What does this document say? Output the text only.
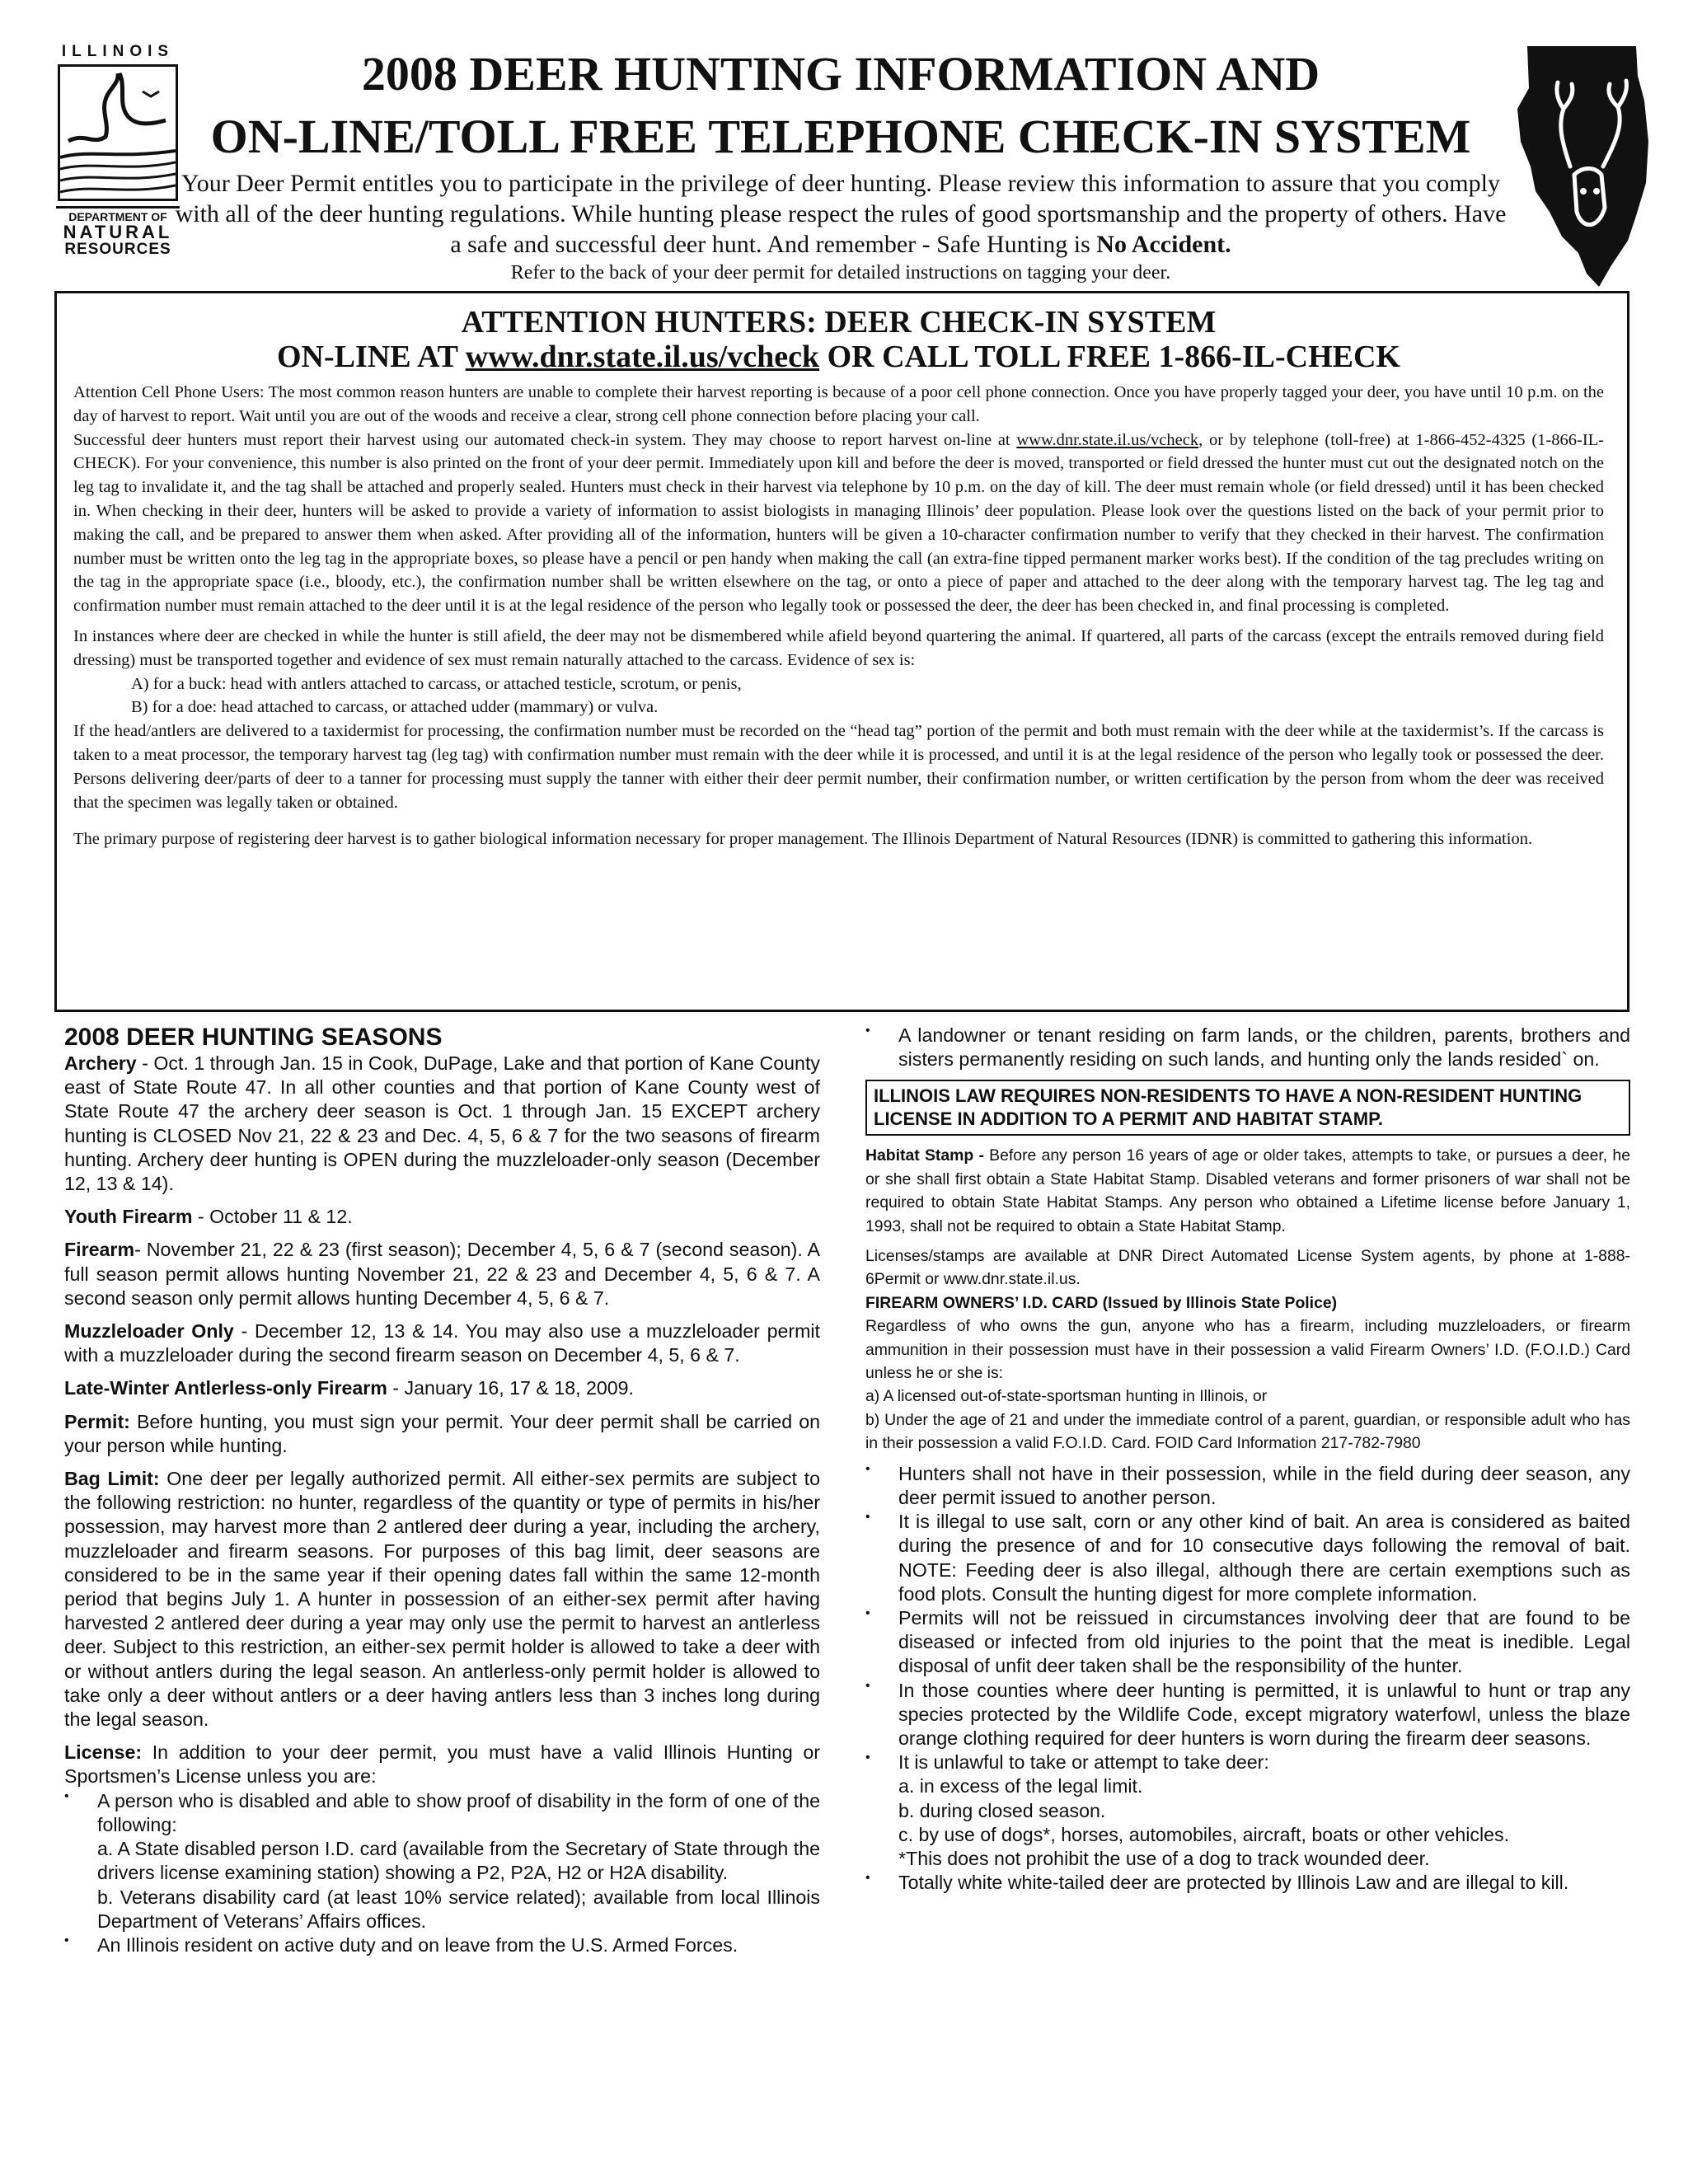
ILLINOIS
DEPARTMENT OF
NATURAL
RESOURCES
2008 DEER HUNTING INFORMATION AND
ON-LINE/TOLL FREE TELEPHONE CHECK-IN SYSTEM
Your Deer Permit entitles you to participate in the privilege of deer hunting. Please review this information to assure that you comply with all of the deer hunting regulations. While hunting please respect the rules of good sportsmanship and the property of others. Have a safe and successful deer hunt. And remember - Safe Hunting is No Accident.
Refer to the back of your deer permit for detailed instructions on tagging your deer.
ATTENTION HUNTERS: DEER CHECK-IN SYSTEM
ON-LINE AT www.dnr.state.il.us/vcheck OR CALL TOLL FREE 1-866-IL-CHECK

Attention Cell Phone Users: The most common reason hunters are unable to complete their harvest reporting is because of a poor cell phone connection. Once you have properly tagged your deer, you have until 10 p.m. on the day of harvest to report. Wait until you are out of the woods and receive a clear, strong cell phone connection before placing your call.

Successful deer hunters must report their harvest using our automated check-in system. They may choose to report harvest on-line at www.dnr.state.il.us/vcheck, or by telephone (toll-free) at 1-866-452-4325 (1-866-IL-CHECK). For your convenience, this number is also printed on the front of your deer permit. Immediately upon kill and before the deer is moved, transported or field dressed the hunter must cut out the designated notch on the leg tag to invalidate it, and the tag shall be attached and properly sealed. Hunters must check in their harvest via telephone by 10 p.m. on the day of kill. The deer must remain whole (or field dressed) until it has been checked in. When checking in their deer, hunters will be asked to provide a variety of information to assist biologists in managing Illinois’ deer population. Please look over the questions listed on the back of your permit prior to making the call, and be prepared to answer them when asked. After providing all of the information, hunters will be given a 10-character confirmation number to verify that they checked in their harvest. The confirmation number must be written onto the leg tag in the appropriate boxes, so please have a pencil or pen handy when making the call (an extra-fine tipped permanent marker works best). If the condition of the tag precludes writing on the tag in the appropriate space (i.e., bloody, etc.), the confirmation number shall be written elsewhere on the tag, or onto a piece of paper and attached to the deer along with the temporary harvest tag. The leg tag and confirmation number must remain attached to the deer until it is at the legal residence of the person who legally took or possessed the deer, the deer has been checked in, and final processing is completed.

In instances where deer are checked in while the hunter is still afield, the deer may not be dismembered while afield beyond quartering the animal. If quartered, all parts of the carcass (except the entrails removed during field dressing) must be transported together and evidence of sex must remain naturally attached to the carcass. Evidence of sex is:

A) for a buck: head with antlers attached to carcass, or attached testicle, scrotum, or penis,

B) for a doe: head attached to carcass, or attached udder (mammary) or vulva.

If the head/antlers are delivered to a taxidermist for processing, the confirmation number must be recorded on the “head tag” portion of the permit and both must remain with the deer while at the taxidermist’s. If the carcass is taken to a meat processor, the temporary harvest tag (leg tag) with confirmation number must remain with the deer while it is processed, and until it is at the legal residence of the person who legally took or possessed the deer. Persons delivering deer/parts of deer to a tanner for processing must supply the tanner with either their deer permit number, their confirmation number, or written certification by the person from whom the deer was received that the specimen was legally taken or obtained.

The primary purpose of registering deer harvest is to gather biological information necessary for proper management. The Illinois Department of Natural Resources (IDNR) is committed to gathering this information.

2008 DEER HUNTING SEASONS

Archery - Oct. 1 through Jan. 15 in Cook, DuPage, Lake and that portion of Kane County east of State Route 47. In all other counties and that portion of Kane County west of State Route 47 the archery deer season is Oct. 1 through Jan. 15 EXCEPT archery hunting is CLOSED Nov 21, 22 & 23 and Dec. 4, 5, 6 & 7 for the two seasons of firearm hunting. Archery deer hunting is OPEN during the muzzleloader-only season (December 12, 13 & 14).

Youth Firearm - October 11 & 12.

Firearm- November 21, 22 & 23 (first season); December 4, 5, 6 & 7 (second season). A full season permit allows hunting November 21, 22 & 23 and December 4, 5, 6 & 7. A second season only permit allows hunting December 4, 5, 6 & 7.

Muzzleloader Only - December 12, 13 & 14. You may also use a muzzleloader permit with a muzzleloader during the second firearm season on December 4, 5, 6 & 7.

Late-Winter Antlerless-only Firearm - January 16, 17 & 18, 2009.

Permit: Before hunting, you must sign your permit. Your deer permit shall be carried on your person while hunting.

Bag Limit: One deer per legally authorized permit. All either-sex permits are subject to the following restriction: no hunter, regardless of the quantity or type of permits in his/her possession, may harvest more than 2 antlered deer during a year, including the archery, muzzleloader and firearm seasons. For purposes of this bag limit, deer seasons are considered to be in the same year if their opening dates fall within the same 12-month period that begins July 1. A hunter in possession of an either-sex permit after having harvested 2 antlered deer during a year may only use the permit to harvest an antlerless deer. Subject to this restriction, an either-sex permit holder is allowed to take a deer with or without antlers during the legal season. An antlerless-only permit holder is allowed to take only a deer without antlers or a deer having antlers less than 3 inches long during the legal season.

License: In addition to your deer permit, you must have a valid Illinois Hunting or Sportsmen’s License unless you are:

• A person who is disabled and able to show proof of disability in the form of one of the following:

a. A State disabled person I.D. card (available from the Secretary of State through the drivers license examining station) showing a P2, P2A, H2 or H2A disability.

b. Veterans disability card (at least 10% service related); available from local Illinois Department of Veterans’ Affairs offices.

• An Illinois resident on active duty and on leave from the U.S. Armed Forces.

• A landowner or tenant residing on farm lands, or the children, parents, brothers and sisters permanently residing on such lands, and hunting only the lands resided` on.

ILLINOIS LAW REQUIRES NON-RESIDENTS TO HAVE A NON-RESIDENT HUNTING LICENSE IN ADDITION TO A PERMIT AND HABITAT STAMP.

Habitat Stamp - Before any person 16 years of age or older takes, attempts to take, or pursues a deer, he or she shall first obtain a State Habitat Stamp. Disabled veterans and former prisoners of war shall not be required to obtain State Habitat Stamps. Any person who obtained a Lifetime license before January 1, 1993, shall not be required to obtain a State Habitat Stamp.

Licenses/stamps are available at DNR Direct Automated License System agents, by phone at 1-888-6Permit or www.dnr.state.il.us.

FIREARM OWNERS’ I.D. CARD (Issued by Illinois State Police)

Regardless of who owns the gun, anyone who has a firearm, including muzzleloaders, or firearm ammunition in their possession must have in their possession a valid Firearm Owners’ I.D. (F.O.I.D.) Card unless he or she is:

a) A licensed out-of-state-sportsman hunting in Illinois, or

b) Under the age of 21 and under the immediate control of a parent, guardian, or responsible adult who has in their possession a valid F.O.I.D. Card. FOID Card Information 217-782-7980

• Hunters shall not have in their possession, while in the field during deer season, any deer permit issued to another person.

• It is illegal to use salt, corn or any other kind of bait. An area is considered as baited during the presence of and for 10 consecutive days following the removal of bait. NOTE: Feeding deer is also illegal, although there are certain exemptions such as food plots. Consult the hunting digest for more complete information.

• Permits will not be reissued in circumstances involving deer that are found to be diseased or infected from old injuries to the point that the meat is inedible. Legal disposal of unfit deer taken shall be the responsibility of the hunter.

• In those counties where deer hunting is permitted, it is unlawful to hunt or trap any species protected by the Wildlife Code, except migratory waterfowl, unless the blaze orange clothing required for deer hunters is worn during the firearm deer seasons.

• It is unlawful to take or attempt to take deer:

a. in excess of the legal limit.

b. during closed season.

c. by use of dogs*, horses, automobiles, aircraft, boats or other vehicles.

*This does not prohibit the use of a dog to track wounded deer.

• Totally white white-tailed deer are protected by Illinois Law and are illegal to kill.
